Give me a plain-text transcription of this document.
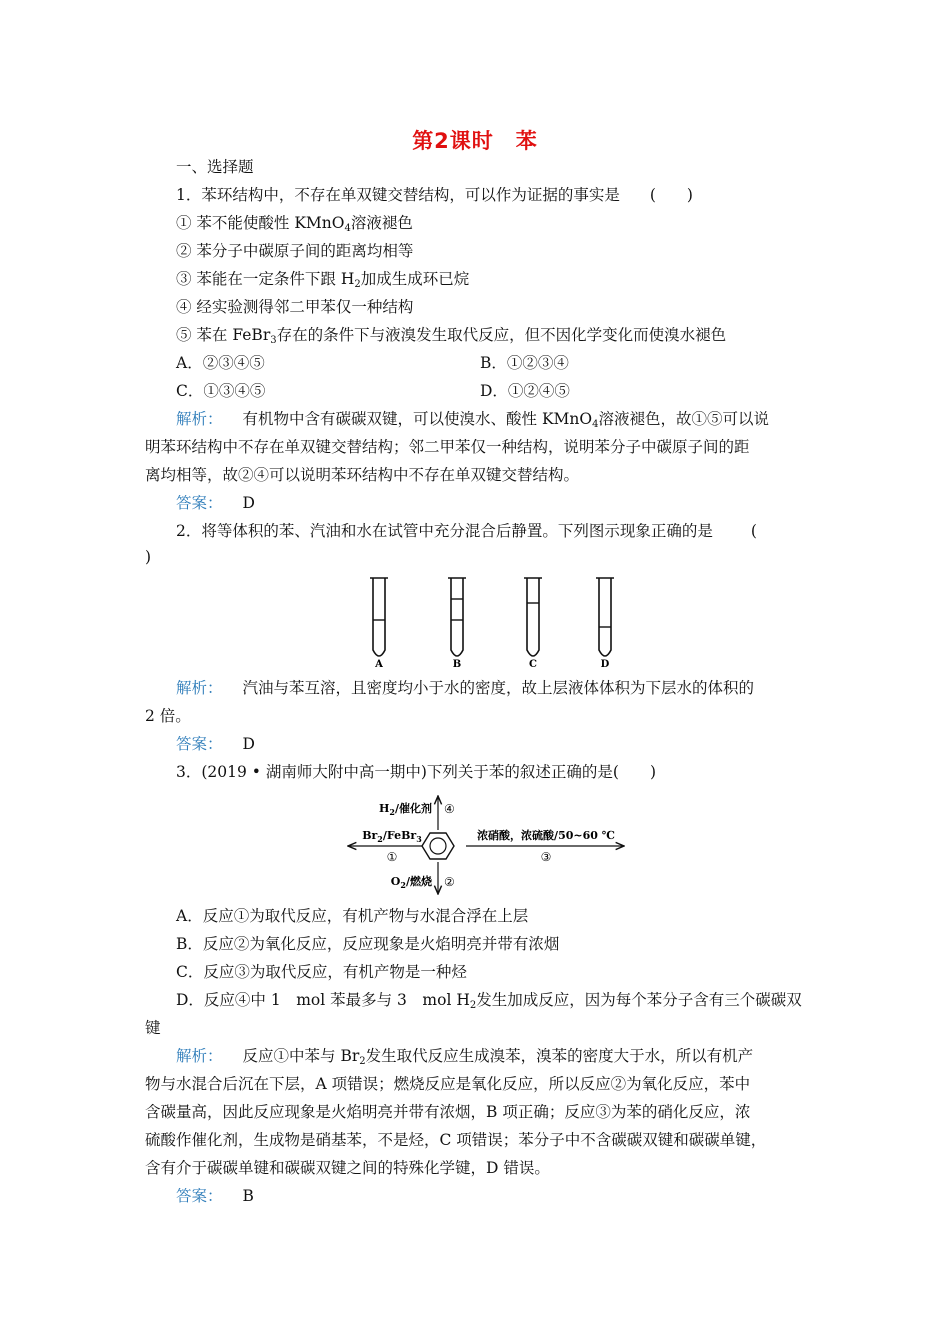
第2课时　苯
一、选择题
1．苯环结构中，不存在单双键交替结构，可以作为证据的事实是 (　　)
① 苯不能使酸性 KMnO$_4$溶液褪色
② 苯分子中碳原子间的距离均相等
③ 苯能在一定条件下跟 $H_2$加成生成环已烷
④ 经实验测得邻二甲苯仅一种结构
⑤ 苯在 FeBr$_3$存在的条件下与液溴发生取代反应，但不因化学变化而使溴水褪色
A．②③④⑤	B．①②③④
C．①③④⑤	D．①②④⑤
解析： 有机物中含有碳碳双键，可以使溴水、酸性 KMnO$_4$溶液褪色，故①⑤可以说
明苯环结构中不存在单双键交替结构；邻二甲苯仅一种结构，说明苯分子中碳原子间的距
离均相等，故②④可以说明苯环结构中不存在单双键交替结构。
答案： D
2．将等体积的苯、汽油和水在试管中充分混合后静置。下列图示现象正确的是 (
)
A	B	C	D
解析： 汽油与苯互溶，且密度均小于水的密度，故上层液体体积为下层水的体积的
2 倍。
答案： D
3．(2019 • 湖南师大附中高一期中)下列关于苯的叙述正确的是(　　)
$H_2/$催化剂 ④
$Br_2/FeBr_3$
①
浓硝酸，浓硫酸/50~60 ℃
③
$O_2/$燃烧 ②
A．反应①为取代反应，有机产物与水混合浮在上层
B．反应②为氧化反应，反应现象是火焰明亮并带有浓烟
C．反应③为取代反应，有机产物是一种烃
D．反应④中 1　mol 苯最多与 3　mol $H_2$发生加成反应，因为每个苯分子含有三个碳碳双
键
解析： 反应①中苯与 $Br_2$发生取代反应生成溴苯，溴苯的密度大于水，所以有机产
物与水混合后沉在下层，A 项错误；燃烧反应是氧化反应，所以反应②为氧化反应，苯中
含碳量高，因此反应现象是火焰明亮并带有浓烟，B 项正确；反应③为苯的硝化反应，浓
硫酸作催化剂，生成物是硝基苯，不是烃，C 项错误；苯分子中不含碳碳双键和碳碳单键，
含有介于碳碳单键和碳碳双键之间的特殊化学键，D 错误。
答案： B
